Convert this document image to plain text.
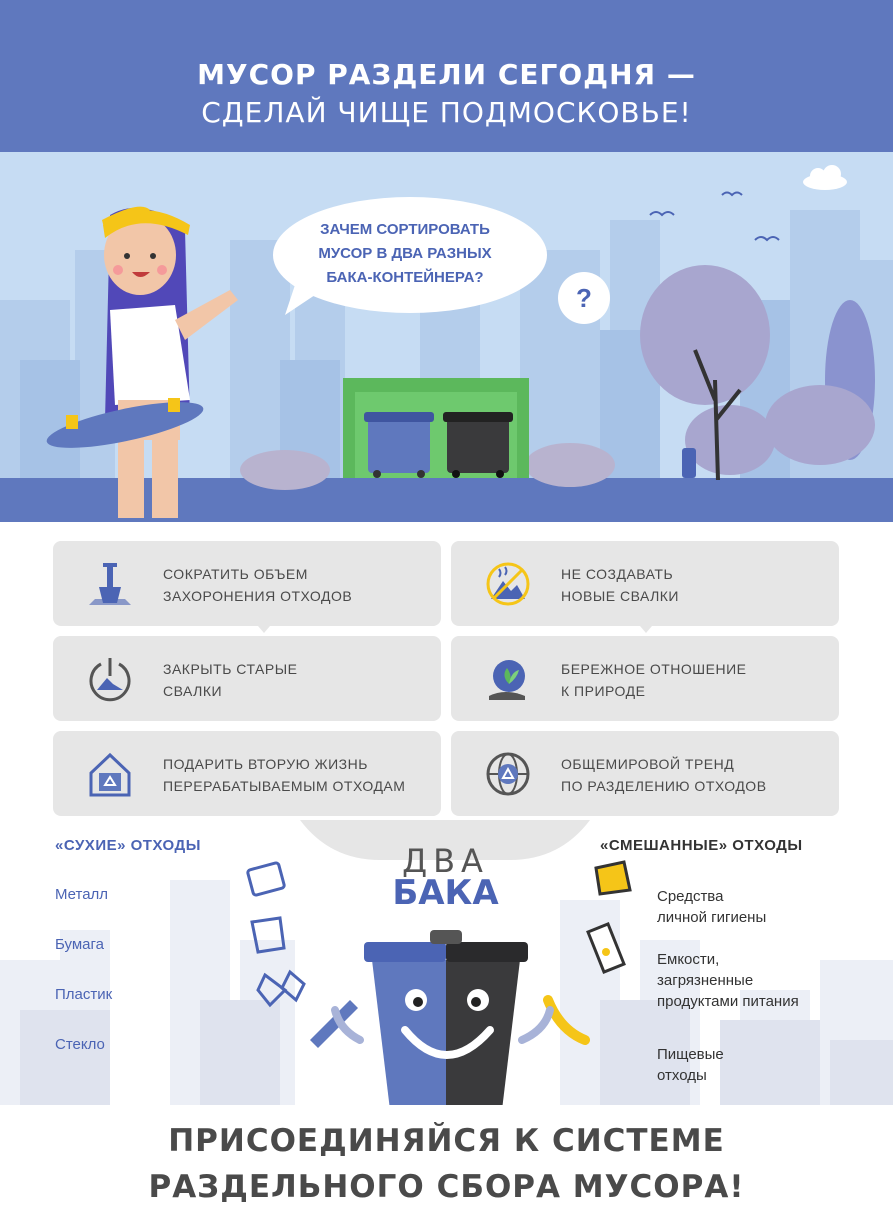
МУСОР РАЗДЕЛИ СЕГОДНЯ —
СДЕЛАЙ ЧИЩЕ ПОДМОСКОВЬЕ!
ЗАЧЕМ СОРТИРОВАТЬ
МУСОР В ДВА РАЗНЫХ
БАКА-КОНТЕЙНЕРА?
?
СОКРАТИТЬ ОБЪЕМ
ЗАХОРОНЕНИЯ ОТХОДОВ
НЕ СОЗДАВАТЬ
НОВЫЕ СВАЛКИ
ЗАКРЫТЬ СТАРЫЕ
СВАЛКИ
БЕРЕЖНОЕ ОТНОШЕНИЕ
К ПРИРОДЕ
ПОДАРИТЬ ВТОРУЮ ЖИЗНЬ
ПЕРЕРАБАТЫВАЕМЫМ ОТХОДАМ
ОБЩЕМИРОВОЙ ТРЕНД
ПО РАЗДЕЛЕНИЮ ОТХОДОВ
«СУХИЕ» ОТХОДЫ	«СМЕШАННЫЕ» ОТХОДЫ
Металл
Бумага
Пластик
Стекло
Средства
личной гигиены
Емкости,
загрязненные
продуктами питания
Пищевые
отходы
ДВА
БАКА
ПРИСОЕДИНЯЙСЯ К СИСТЕМЕ
РАЗДЕЛЬНОГО СБОРА МУСОРА!
